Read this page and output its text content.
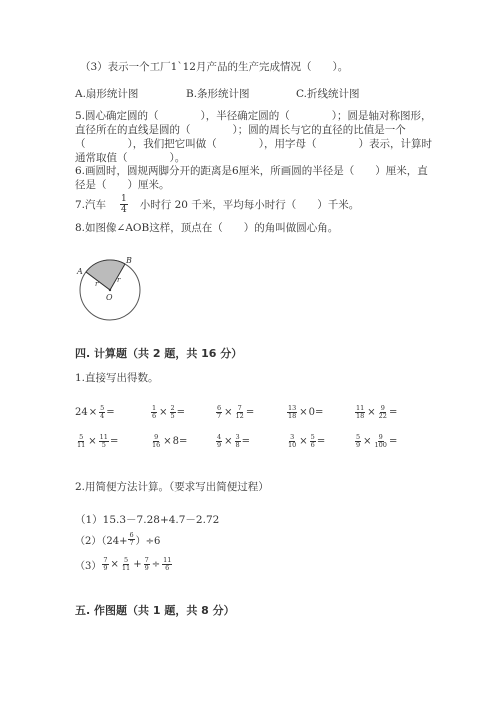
（3）表示一个工厂1`12月产品的生产完成情况（　　）。
A.扇形统计图	B.条形统计图	C.折线统计图
5.圆心确定圆的（　　　　），半径确定圆的（　　　　）；圆是轴对称图形，
直径所在的直线是圆的（　　　　）；圆的周长与它的直径的比值是一个
（　　　　），我们把它叫做（　　　　），用字母（　　　　）表示，计算时
通常取值（　　　　）。
6.画圆时，圆规两脚分开的距离是6厘米，所画圆的半径是（　　）厘米，直
径是（　　）厘米。
7.汽车 $\frac{1}{4}$ 小时行 20 千米，平均每小时行（　　）千米。
8.如图像∠AOB这样，顶点在（　　）的角叫做圆心角。
A
B
O
r	r
四. 计算题（共 2 题，共 16 分）
1.直接写出得数。
$24 \times \frac{5}{4}$ =	$\frac{1}{6} \times \frac{2}{5}$ =	$\frac{6}{7} \times \frac{7}{12}$ =	$\frac{13}{18} \times 0$ =	$\frac{11}{18} \times \frac{9}{22}$ =
$\frac{5}{11} \times \frac{11}{5}$ =	$\frac{9}{16} \times 8$ =	$\frac{4}{9} \times \frac{3}{8}$ =	$\frac{3}{10} \times \frac{5}{6}$ =	$\frac{5}{9} \times \frac{9}{100}$ =
2.用简便方法计算。（要求写出简便过程）
（1）15.3－7.28+4.7－2.72
$(2)(24+ \frac{6}{7} )\div 6$
$(3) \frac{7}{9} \times \frac{5}{11} + \frac{7}{9} \div \frac{11}{6}$
五. 作图题（共 1 题，共 8 分）
